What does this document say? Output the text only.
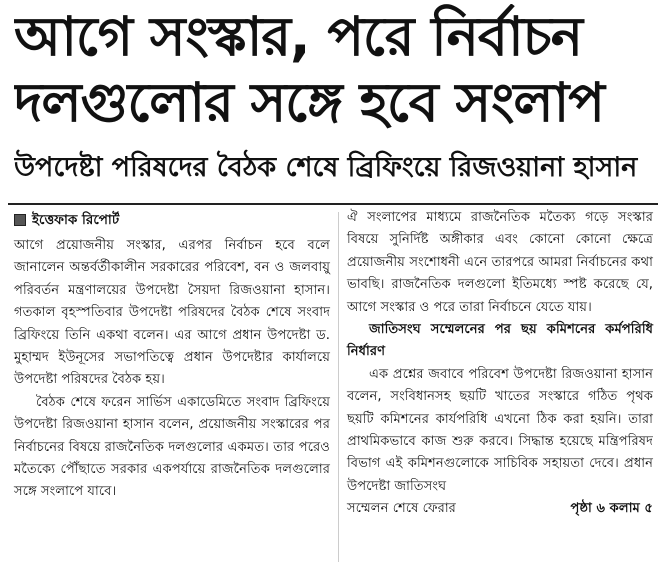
আগে সংস্কার, পরে নির্বাচন
দলগুলোর সঙ্গে হবে সংলাপ
উপদেষ্টা পরিষদের বৈঠক শেষে ব্রিফিংয়ে রিজওয়ানা হাসান
ইত্তেফাক রিপোর্ট

আগে প্রয়োজনীয় সংস্কার, এরপর নির্বাচন হবে বলে জানালেন অন্তর্বর্তীকালীন সরকারের পরিবেশ, বন ও জলবায়ু পরিবর্তন মন্ত্রণালয়ের উপদেষ্টা সৈয়দা রিজওয়ানা হাসান। গতকাল বৃহস্পতিবার উপদেষ্টা পরিষদের বৈঠক শেষে সংবাদ ব্রিফিংয়ে তিনি একথা বলেন। এর আগে প্রধান উপদেষ্টা ড. মুহাম্মদ ইউনূসের সভাপতিত্বে প্রধান উপদেষ্টার কার্যালয়ে উপদেষ্টা পরিষদের বৈঠক হয়।

বৈঠক শেষে ফরেন সার্ভিস একাডেমিতে সংবাদ ব্রিফিংয়ে উপদেষ্টা রিজওয়ানা হাসান বলেন, প্রয়োজনীয় সংস্কারের পর নির্বাচনের বিষয়ে রাজনৈতিক দলগুলোর একমত। তার পরেও মতৈক্যে পৌঁছাতে সরকার একপর্যায়ে রাজনৈতিক দলগুলোর সঙ্গে সংলাপে যাবে।

ঐ সংলাপের মাধ্যমে রাজনৈতিক মতৈক্য গড়ে সংস্কার বিষয়ে সুনির্দিষ্ট অঙ্গীকার এবং কোনো কোনো ক্ষেত্রে প্রয়োজনীয় সংশোধনী এনে তারপরে আমরা নির্বাচনের কথা ভাবছি। রাজনৈতিক দলগুলো ইতিমধ্যে স্পষ্ট করেছে যে, আগে সংস্কার ও পরে তারা নির্বাচনে যেতে যায়।

জাতিসংঘ সম্মেলনের পর ছয় কমিশনের কর্মপরিধি নির্ধারণ

এক প্রশ্নের জবাবে পরিবেশ উপদেষ্টা রিজওয়ানা হাসান বলেন, সংবিধানসহ ছয়টি খাতের সংস্কারে গঠিত পৃথক ছয়টি কমিশনের কার্যপরিধি এখনো ঠিক করা হয়নি। তারা প্রাথমিকভাবে কাজ শুরু করবে। সিদ্ধান্ত হয়েছে মন্ত্রিপরিষদ বিভাগ এই কমিশনগুলোকে সাচিবিক সহায়তা দেবে। প্রধান উপদেষ্টা জাতিসংঘ

সম্মেলন শেষে ফেরার	পৃষ্ঠা ৬ কলাম ৫
